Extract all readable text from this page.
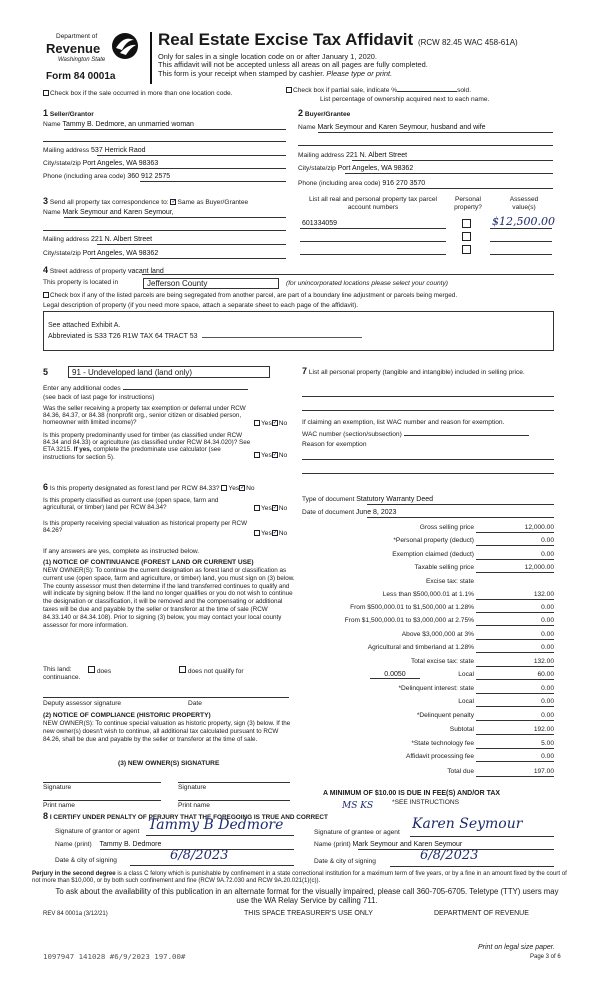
Department of
Revenue
Washington State
Form 84 0001a
Real Estate Excise Tax Affidavit (RCW 82.45 WAC 458-61A)
Only for sales in a single location code on or after January 1, 2020.
This affidavit will not be accepted unless all areas on all pages are fully completed.
This form is your receipt when stamped by cashier. Please type or print.
Check box if the sale occurred in more than one location code.	Check box if partial sale, indicate %	sold.
List percentage of ownership acquired next to each name.
1 Seller/Grantor
Name Tammy B. Dedmore, an unmarried woman
Mailing address 537 Herrick Raod
City/state/zip Port Angeles, WA 98363
Phone (including area code) 360 912 2575
2 Buyer/Grantee
Name Mark Seymour and Karen Seymour, husband and wife
Mailing address 221 N. Albert Street
City/state/zip Port Angeles, WA 98362
Phone (including area code) 916 270 3570
3 Send all property tax correspondence to: ✓Same as Buyer/Grantee
Name Mark Seymour and Karen Seymour,
Mailing address 221 N. Albert Street
City/state/zip Port Angeles, WA 98362
List all real and personal property tax parcel account numbers
Personal property?
Assessed value(s)
601334059	$12,500.00
4 Street address of property vacant land
This property is located in	Jefferson County	(for unincorporated locations please select your county)
Check box if any of the listed parcels are being segregated from another parcel, are part of a boundary line adjustment or parcels being merged.
Legal description of property (if you need more space, attach a separate sheet to each page of the affidavit).
See attached Exhibit A.
Abbreviated is S33 T26 R1W TAX 64 TRACT 53
5	91 - Undeveloped land (land only)
Enter any additional codes
(see back of last page for instructions)
Was the seller receiving a property tax exemption or deferral under RCW 84.36, 84.37, or 84.38 (nonprofit org., senior citizen or disabled person, homeowner with limited income)?	Yes✓No
Is this property predominantly used for timber (as classified under RCW 84.34 and 84.33) or agriculture (as classified under RCW 84.34.020)? See ETA 3215. If yes, complete the predominate use calculator (see instructions for section 5).	Yes✓No
6 Is this property designated as forest land per RCW 84.33? Yes✓No
Is this property classified as current use (open space, farm and agricultural, or timber) land per RCW 84.34?	Yes✓No
Is this property receiving special valuation as historical property per RCW 84.26?	Yes✓No
If any answers are yes, complete as instructed below.
(1) NOTICE OF CONTINUANCE (FOREST LAND OR CURRENT USE)
NEW OWNER(S): To continue the current designation as forest land or classification as current use (open space, farm and agriculture, or timber) land, you must sign on (3) below. The county assessor must then determine if the land transferred continues to qualify and will indicate by signing below. If the land no longer qualifies or you do not wish to continue the designation or classification, it will be removed and the compensating or additional taxes will be due and payable by the seller or transferor at the time of sale (RCW 84.33.140 or 84.34.108). Prior to signing (3) below, you may contact your local county assessor for more information.
This land:	does	does not qualify for
continuance.
Deputy assessor signature	Date
(2) NOTICE OF COMPLIANCE (HISTORIC PROPERTY)
NEW OWNER(S): To continue special valuation as historic property, sign (3) below. If the new owner(s) doesn't wish to continue, all additional tax calculated pursuant to RCW 84.26, shall be due and payable by the seller or transferor at the time of sale.
(3) NEW OWNER(S) SIGNATURE
Signature	Signature
Print name	Print name
7 List all personal property (tangible and intangible) included in selling price.
If claiming an exemption, list WAC number and reason for exemption.
WAC number (section/subsection)
Reason for exemption
Type of document Statutory Warranty Deed
Date of document June 8, 2023
Gross selling price	12,000.00
*Personal property (deduct)	0.00
Exemption claimed (deduct)	0.00
Taxable selling price	12,000.00
Excise tax: state
Less than $500,000.01 at 1.1%	132.00
From $500,000.01 to $1,500,000 at 1.28%	0.00
From $1,500,000.01 to $3,000,000 at 2.75%	0.00
Above $3,000,000 at 3%	0.00
Agricultural and timberland at 1.28%	0.00
Total excise tax: state	132.00
0.0050	Local	60.00
*Delinquent interest: state	0.00
Local	0.00
*Delinquent penalty	0.00
Subtotal	192.00
*State technology fee	5.00
Affidavit processing fee	0.00
Total due	197.00
A MINIMUM OF $10.00 IS DUE IN FEE(S) AND/OR TAX
*SEE INSTRUCTIONS
MS KS
8 I CERTIFY UNDER PENALTY OF PERJURY THAT THE FOREGOING IS TRUE AND CORRECT
Signature of grantor or agent Tammy B Dedmore
Name (print) Tammy B. Dedmore
Date & city of signing	6/8/2023
Signature of grantee or agent
Karen Seymour
Name (print) Mark Seymour and Karen Seymour
Date & city of signing	6/8/2023
Perjury in the second degree is a class C felony which is punishable by confinement in a state correctional institution for a maximum term of five years, or by a fine in an amount fixed by the court of not more than $10,000, or by both such confinement and fine (RCW 9A.72.030 and RCW 9A.20.021(1)(c)).
To ask about the availability of this publication in an alternate format for the visually impaired, please call 360-705-6705. Teletype (TTY) users may use the WA Relay Service by calling 711.
REV 84 0001a (3/12/21)	THIS SPACE TREASURER'S USE ONLY	DEPARTMENT OF REVENUE
1097947 141028 #6/9/2023 197.00#
Print on legal size paper.
Page 3 of 6
